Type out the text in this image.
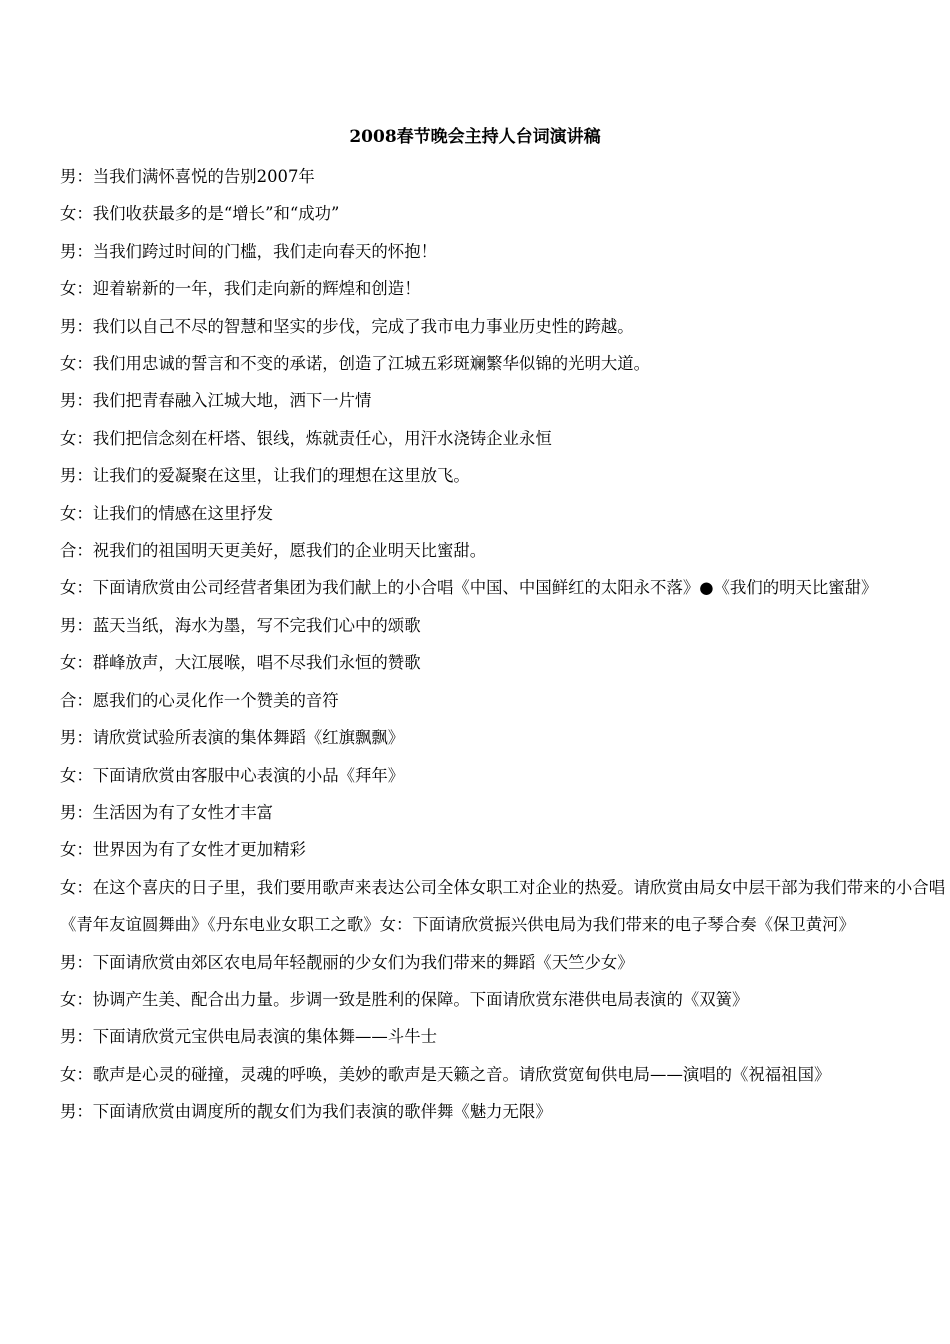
2008春节晚会主持人台词演讲稿

男：当我们满怀喜悦的告别2007年

女：我们收获最多的是“增长”和“成功”

男：当我们跨过时间的门槛，我们走向春天的怀抱！

女：迎着崭新的一年，我们走向新的辉煌和创造！

男：我们以自己不尽的智慧和坚实的步伐，完成了我市电力事业历史性的跨越。

女：我们用忠诚的誓言和不变的承诺，创造了江城五彩斑斓繁华似锦的光明大道。

男：我们把青春融入江城大地，洒下一片情

女：我们把信念刻在杆塔、银线，炼就责任心，用汗水浇铸企业永恒

男：让我们的爱凝聚在这里，让我们的理想在这里放飞。

女：让我们的情感在这里抒发

合：祝我们的祖国明天更美好，愿我们的企业明天比蜜甜。

女：下面请欣赏由公司经营者集团为我们献上的小合唱《中国、中国鲜红的太阳永不落》●《我们的明天比蜜甜》

男：蓝天当纸，海水为墨，写不完我们心中的颂歌

女：群峰放声，大江展喉，唱不尽我们永恒的赞歌

合：愿我们的心灵化作一个赞美的音符

男：请欣赏试验所表演的集体舞蹈《红旗飘飘》

女：下面请欣赏由客服中心表演的小品《拜年》

男：生活因为有了女性才丰富

女：世界因为有了女性才更加精彩

女：在这个喜庆的日子里，我们要用歌声来表达公司全体女职工对企业的热爱。请欣赏由局女中层干部为我们带来的小合唱《青年友谊圆舞曲》《丹东电业女职工之歌》女：下面请欣赏振兴供电局为我们带来的电子琴合奏《保卫黄河》

男：下面请欣赏由郊区农电局年轻靓丽的少女们为我们带来的舞蹈《天竺少女》

女：协调产生美、配合出力量。步调一致是胜利的保障。下面请欣赏东港供电局表演的《双簧》

男：下面请欣赏元宝供电局表演的集体舞——斗牛士

女：歌声是心灵的碰撞，灵魂的呼唤，美妙的歌声是天籁之音。请欣赏宽甸供电局——演唱的《祝福祖国》

男：下面请欣赏由调度所的靓女们为我们表演的歌伴舞《魅力无限》
